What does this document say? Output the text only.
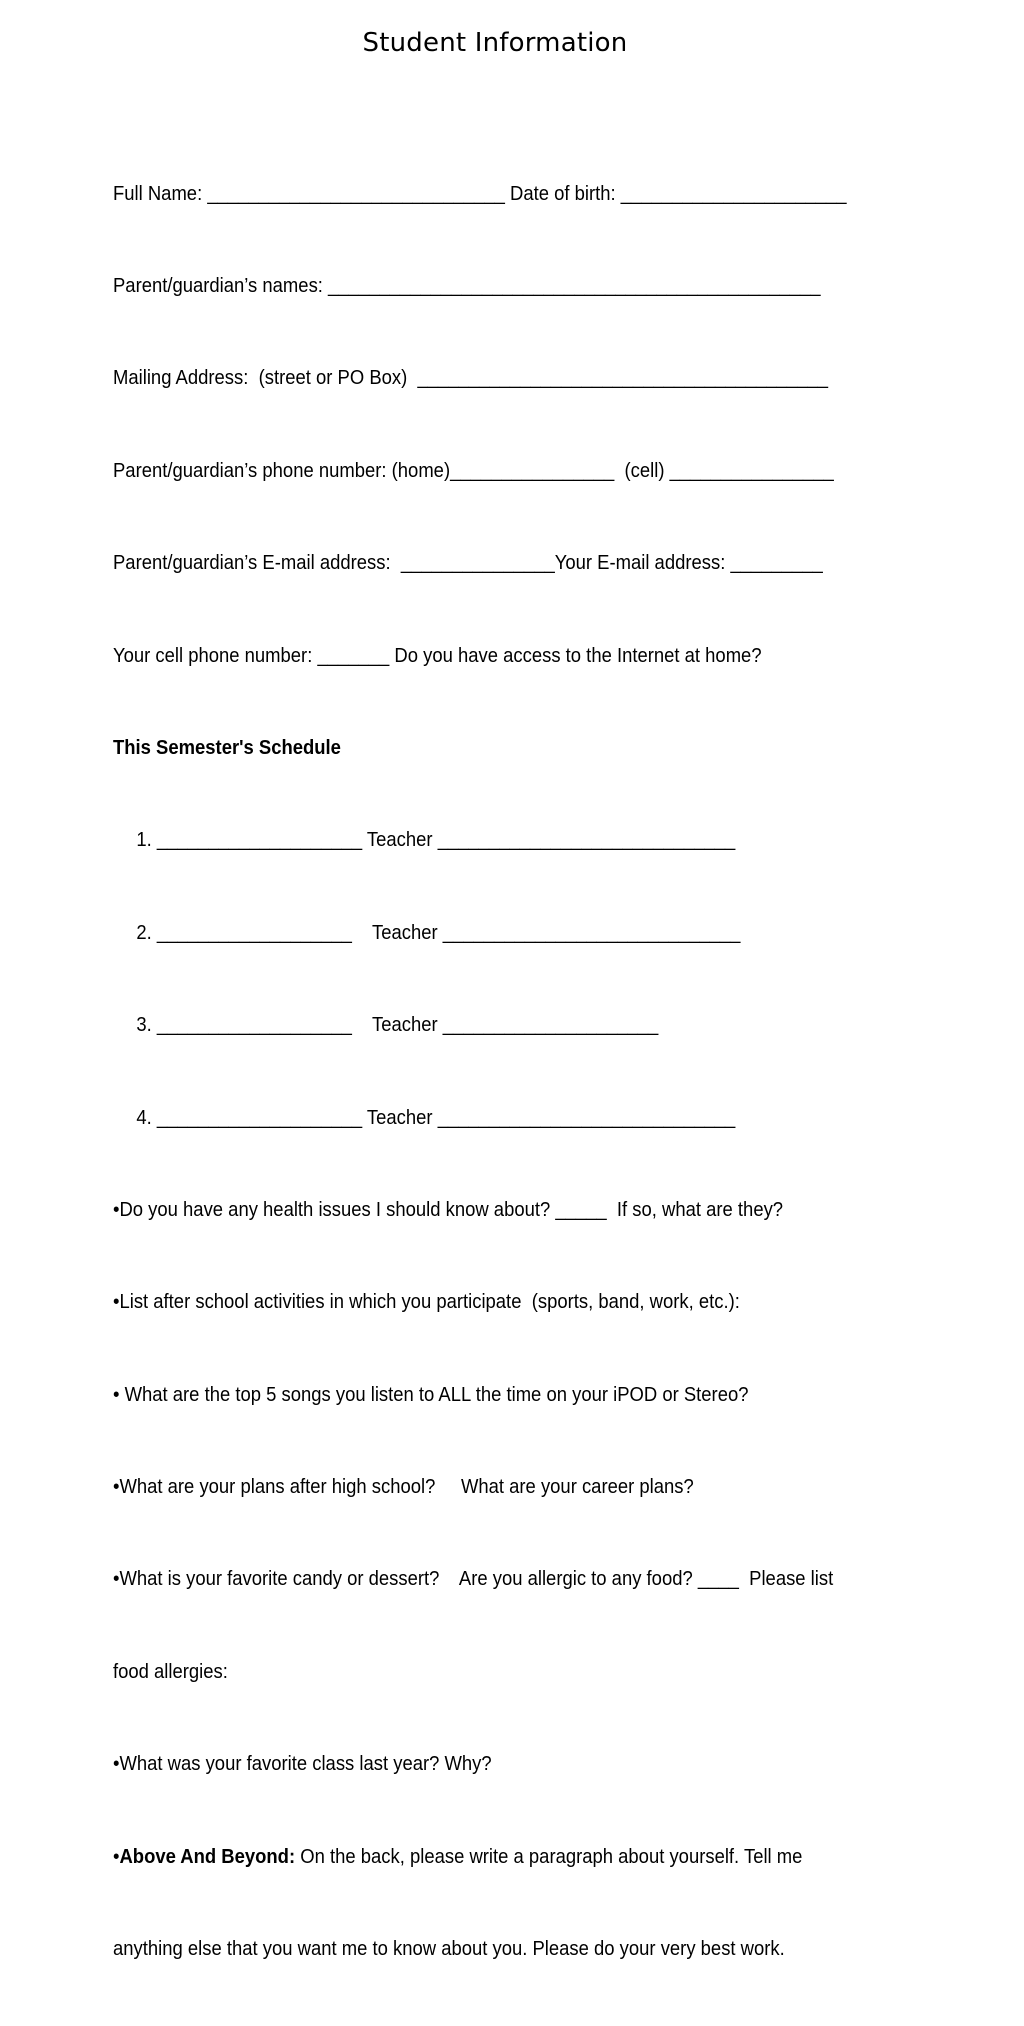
Student Information

Full Name: _____________________________ Date of birth: ______________________

Parent/guardian’s names: ________________________________________________

Mailing Address:  (street or PO Box)  ________________________________________

Parent/guardian’s phone number: (home)________________  (cell) ________________

Parent/guardian’s E-mail address:  _______________Your E-mail address: _________

Your cell phone number: _______ Do you have access to the Internet at home?

This Semester's Schedule

1. ____________________ Teacher _____________________________

2. ___________________    Teacher _____________________________

3. ___________________    Teacher _____________________

4. ____________________ Teacher _____________________________

•Do you have any health issues I should know about? _____  If so, what are they?

•List after school activities in which you participate  (sports, band, work, etc.):

• What are the top 5 songs you listen to ALL the time on your iPOD or Stereo?

•What are your plans after high school?     What are your career plans?

•What is your favorite candy or dessert?    Are you allergic to any food? ____  Please list

food allergies:

•What was your favorite class last year? Why?

•Above And Beyond: On the back, please write a paragraph about yourself. Tell me

anything else that you want me to know about you. Please do your very best work.
